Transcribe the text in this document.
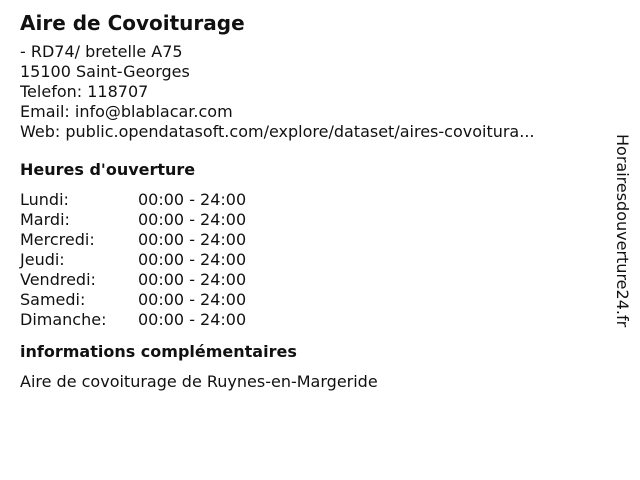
Aire de Covoiturage
- RD74/ bretelle A75
15100 Saint-Georges
Telefon: 118707
Email: info@blablacar.com
Web: public.opendatasoft.com/explore/dataset/aires-covoitura...
Heures d'ouverture
Lundi:	00:00 - 24:00
Mardi:	00:00 - 24:00
Mercredi:	00:00 - 24:00
Jeudi:	00:00 - 24:00
Vendredi:	00:00 - 24:00
Samedi:	00:00 - 24:00
Dimanche:	00:00 - 24:00
informations complémentaires
Aire de covoiturage de Ruynes-en-Margeride
Horairesdouverture24.fr
